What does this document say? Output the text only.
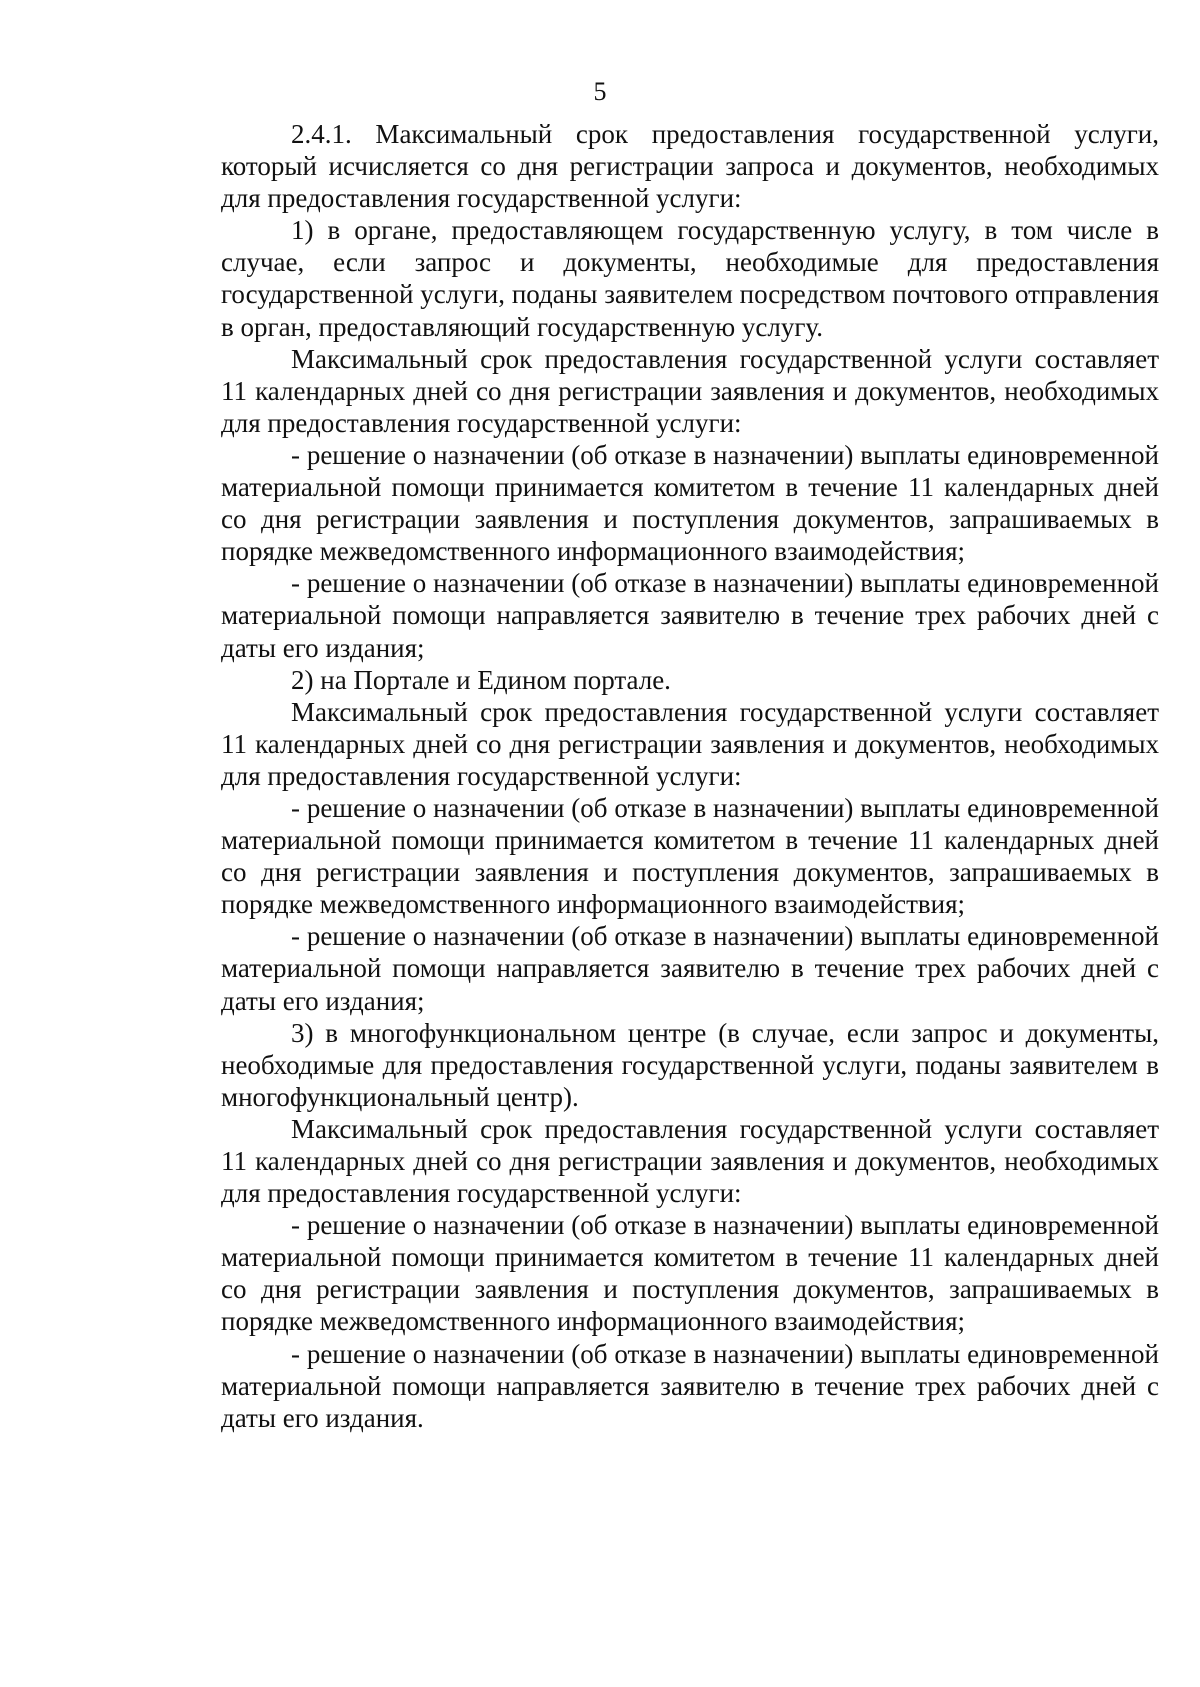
5

2.4.1. Максимальный срок предоставления государственной услуги, который исчисляется со дня регистрации запроса и документов, необходимых для предоставления государственной услуги:

1) в органе, предоставляющем государственную услугу, в том числе в случае, если запрос и документы, необходимые для предоставления государственной услуги, поданы заявителем посредством почтового отправления в орган, предоставляющий государственную услугу.

Максимальный срок предоставления государственной услуги составляет 11 календарных дней со дня регистрации заявления и документов, необходимых для предоставления государственной услуги:

- решение о назначении (об отказе в назначении) выплаты единовременной материальной помощи принимается комитетом в течение 11 календарных дней со дня регистрации заявления и поступления документов, запрашиваемых в порядке межведомственного информационного взаимодействия;

- решение о назначении (об отказе в назначении) выплаты единовременной материальной помощи направляется заявителю в течение трех рабочих дней с даты его издания;

2) на Портале и Едином портале.

Максимальный срок предоставления государственной услуги составляет 11 календарных дней со дня регистрации заявления и документов, необходимых для предоставления государственной услуги:

- решение о назначении (об отказе в назначении) выплаты единовременной материальной помощи принимается комитетом в течение 11 календарных дней со дня регистрации заявления и поступления документов, запрашиваемых в порядке межведомственного информационного взаимодействия;

- решение о назначении (об отказе в назначении) выплаты единовременной материальной помощи направляется заявителю в течение трех рабочих дней с даты его издания;

3) в многофункциональном центре (в случае, если запрос и документы, необходимые для предоставления государственной услуги, поданы заявителем в многофункциональный центр).

Максимальный срок предоставления государственной услуги составляет 11 календарных дней со дня регистрации заявления и документов, необходимых для предоставления государственной услуги:

- решение о назначении (об отказе в назначении) выплаты единовременной материальной помощи принимается комитетом в течение 11 календарных дней со дня регистрации заявления и поступления документов, запрашиваемых в порядке межведомственного информационного взаимодействия;

- решение о назначении (об отказе в назначении) выплаты единовременной материальной помощи направляется заявителю в течение трех рабочих дней с даты его издания.
